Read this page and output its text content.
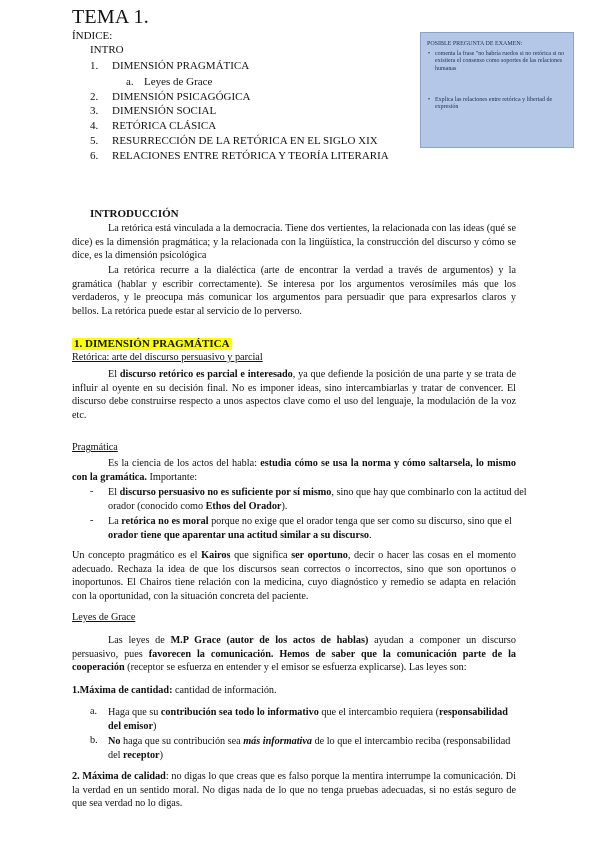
TEMA 1.
ÍNDICE:
INTRO
1.	DIMENSIÓN PRAGMÁTICA
a. Leyes de Grace
2.	DIMENSIÓN PSICAGÓGICA
3.	DIMENSIÓN SOCIAL
4.	RETÓRICA CLÁSICA
5.	RESURRECCIÓN DE LA RETÓRICA EN EL SIGLO XIX
6.	RELACIONES ENTRE RETÓRICA Y TEORÍA LITERARIA
POSIBLE PREGUNTA DE EXAMEN:
• comenta la frase "no habría ruedos si no retórica si no existiera el consenso como soportes de las relaciones humanas
• Explica las relaciones entre retórica y libertad de expresión
INTRODUCCIÓN
La retórica está vinculada a la democracia. Tiene dos vertientes, la relacionada con las ideas (qué se dice) es la dimensión pragmática; y la relacionada con la lingüística, la construcción del discurso y cómo se dice, es la dimensión psicológica
La retórica recurre a la dialéctica (arte de encontrar la verdad a través de argumentos) y la gramática (hablar y escribir correctamente). Se interesa por los argumentos verosímiles más que los verdaderos, y le preocupa más comunicar los argumentos para persuadir que para expresarlos claros y bellos. La retórica puede estar al servicio de lo perverso.
1. DIMENSIÓN PRAGMÁTICA
Retórica: arte del discurso persuasivo y parcial
El discurso retórico es parcial e interesado, ya que defiende la posición de una parte y se trata de influir al oyente en su decisión final. No es imponer ideas, sino intercambiarlas y tratar de convencer. El discurso debe construirse respecto a unos aspectos clave como el uso del lenguaje, la modulación de la voz etc.
Pragmática
Es la ciencia de los actos del habla: estudia cómo se usa la norma y cómo saltarsela, lo mismo con la gramática. Importante:
- El discurso persuasivo no es suficiente por sí mismo, sino que hay que combinarlo con la actitud del orador (conocido como Ethos del Orador).
- La retórica no es moral porque no exige que el orador tenga que ser como su discurso, sino que el orador tiene que aparentar una actitud similar a su discurso.
Un concepto pragmático es el Kairos que significa ser oportuno, decir o hacer las cosas en el momento adecuado. Rechaza la idea de que los discursos sean correctos o incorrectos, sino que son oportunos o inoportunos. El Chairos tiene relación con la medicina, cuyo diagnóstico y remedio se adapta en relación con la oportunidad, con la situación concreta del paciente.
Leyes de Grace
Las leyes de M.P Grace (autor de los actos de hablas) ayudan a componer un discurso persuasivo, pues favorecen la comunicación. Hemos de saber que la comunicación parte de la cooperación (receptor se esfuerza en entender y el emisor se esfuerza explicarse). Las leyes son:
1.Máxima de cantidad: cantidad de información.
a. Haga que su contribución sea todo lo informativo que el intercambio requiera (responsabilidad del emisor)
b. No haga que su contribución sea más informativa de lo que el intercambio reciba (responsabilidad del receptor)
2. Máxima de calidad: no digas lo que creas que es falso porque la mentira interrumpe la comunicación. Di la verdad en un sentido moral. No digas nada de lo que no tenga pruebas adecuadas, si no estás seguro de que sea verdad no lo digas.
